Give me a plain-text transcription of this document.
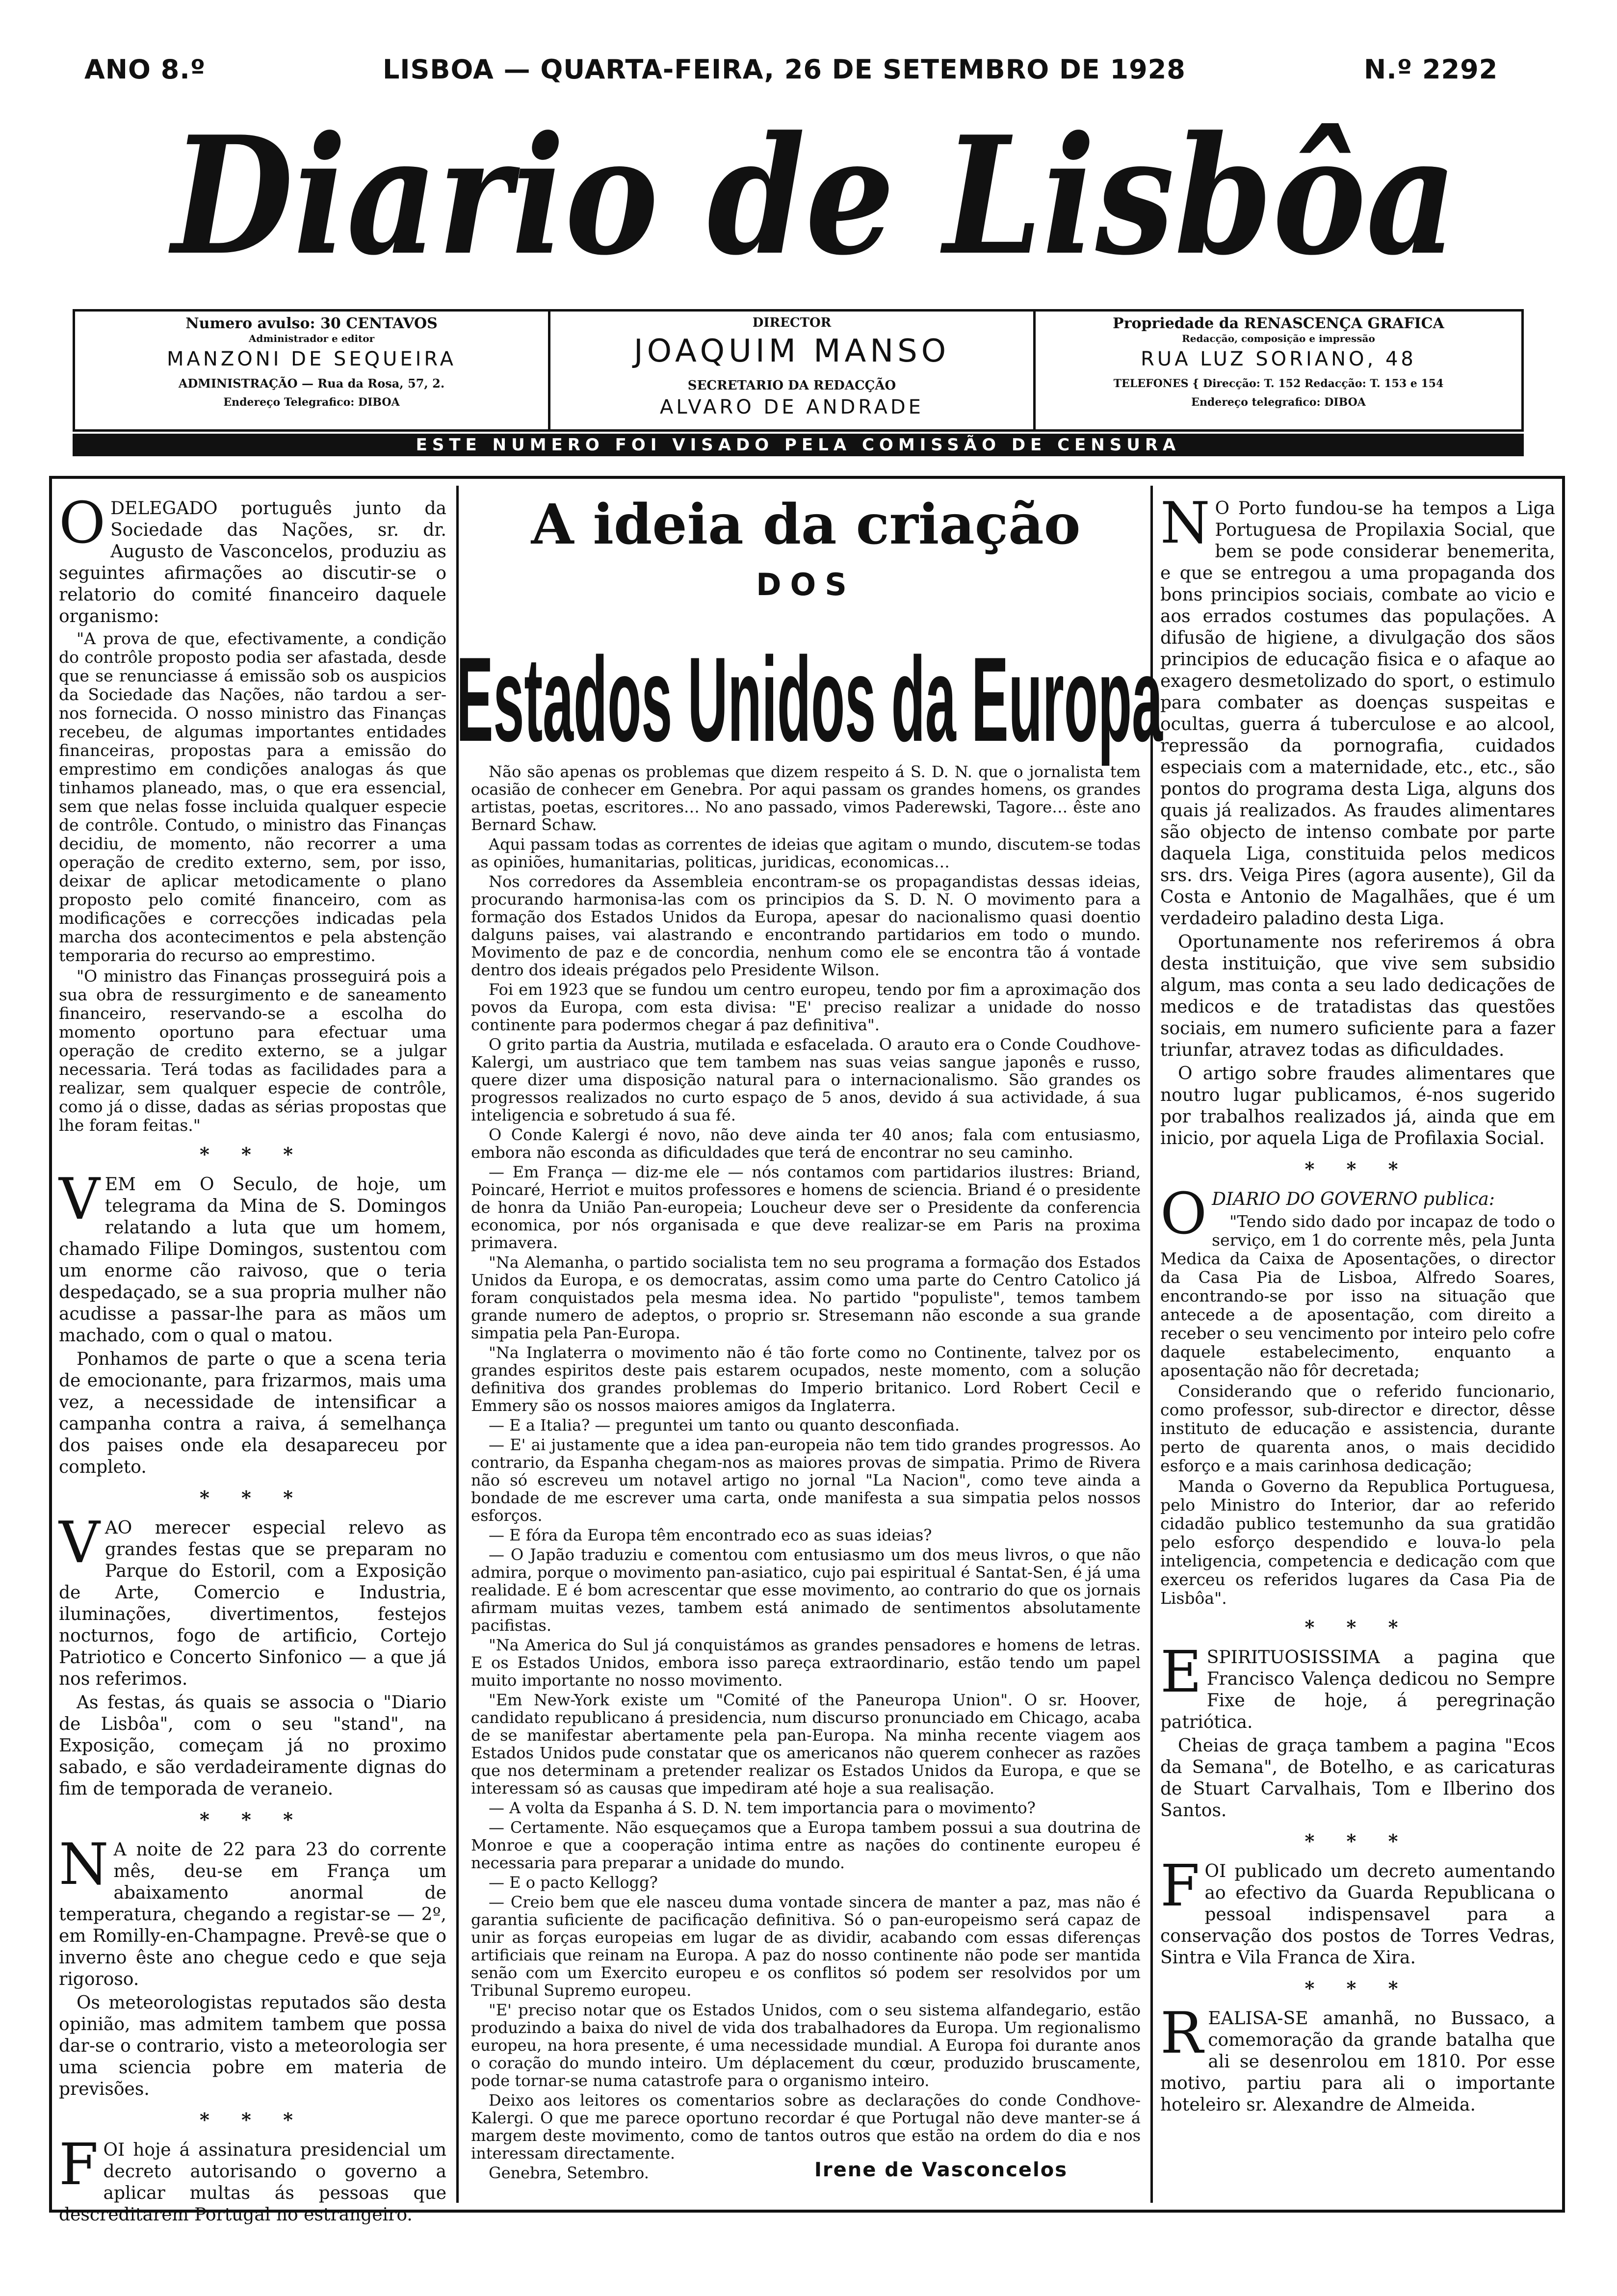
ANO 8.º	LISBOA — QUARTA-FEIRA, 26 DE SETEMBRO DE 1928	N.º 2292
Diario de Lisbôa
Numero avulso: 30 CENTAVOS
Administrador e editor
MANZONI DE SEQUEIRA
ADMINISTRAÇÃO — Rua da Rosa, 57, 2.
Endereço Telegrafico: DIBOA
DIRECTOR
JOAQUIM MANSO
SECRETARIO DA REDACÇÃO
ALVARO DE ANDRADE
Propriedade da RENASCENÇA GRAFICA
Redacção, composição e impressão
RUA LUZ SORIANO, 48
TELEFONES { Direcção: T. 152 Redacção: T. 153 e 154
Endereço telegrafico: DIBOA
ESTE NUMERO FOI VISADO PELA COMISSÃO DE CENSURA

ODELEGADO português junto da Sociedade das Nações, sr. dr. Augusto de Vasconcelos, produziu as seguintes afirmações ao discutir-se o relatorio do comité financeiro daquele organismo:

"A prova de que, efectivamente, a condição do contrôle proposto podia ser afastada, desde que se renunciasse á emissão sob os auspicios da Sociedade das Nações, não tardou a ser-nos fornecida. O nosso ministro das Finanças recebeu, de algumas importantes entidades financeiras, propostas para a emissão do emprestimo em condições analogas ás que tinhamos planeado, mas, o que era essencial, sem que nelas fosse incluida qualquer especie de contrôle. Contudo, o ministro das Finanças decidiu, de momento, não recorrer a uma operação de credito externo, sem, por isso, deixar de aplicar metodicamente o plano proposto pelo comité financeiro, com as modificações e correcções indicadas pela marcha dos acontecimentos e pela abstenção temporaria do recurso ao emprestimo.

"O ministro das Finanças prosseguirá pois a sua obra de ressurgimento e de saneamento financeiro, reservando-se a escolha do momento oportuno para efectuar uma operação de credito externo, se a julgar necessaria. Terá todas as facilidades para a realizar, sem qualquer especie de contrôle, como já o disse, dadas as sérias propostas que lhe foram feitas."

* * *

VEM em O Seculo, de hoje, um telegrama da Mina de S. Domingos relatando a luta que um homem, chamado Filipe Domingos, sustentou com um enorme cão raivoso, que o teria despedaçado, se a sua propria mulher não acudisse a passar-lhe para as mãos um machado, com o qual o matou.

Ponhamos de parte o que a scena teria de emocionante, para frizarmos, mais uma vez, a necessidade de intensificar a campanha contra a raiva, á semelhança dos paises onde ela desapareceu por completo.

* * *

VAO merecer especial relevo as grandes festas que se preparam no Parque do Estoril, com a Exposição de Arte, Comercio e Industria, iluminações, divertimentos, festejos nocturnos, fogo de artificio, Cortejo Patriotico e Concerto Sinfonico — a que já nos referimos.

As festas, ás quais se associa o "Diario de Lisbôa", com o seu "stand", na Exposição, começam já no proximo sabado, e são verdadeiramente dignas do fim de temporada de veraneio.

* * *

N A noite de 22 para 23 do corrente mês, deu-se em França um abaixamento anormal de temperatura, chegando a registar-se — 2º, em Romilly-en-Champagne. Prevê-se que o inverno êste ano chegue cedo e que seja rigoroso.

Os meteorologistas reputados são desta opinião, mas admitem tambem que possa dar-se o contrario, visto a meteorologia ser uma sciencia pobre em materia de previsões.

* * *

FOI hoje á assinatura presidencial um decreto autorisando o governo a aplicar multas ás pessoas que descreditarem Portugal no estrangeiro.

A ideia da criação
DOS
Estados Unidos da Europa

Não são apenas os problemas que dizem respeito á S. D. N. que o jornalista tem ocasião de conhecer em Genebra. Por aqui passam os grandes homens, os grandes artistas, poetas, escritores… No ano passado, vimos Paderewski, Tagore… êste ano Bernard Schaw.

Aqui passam todas as correntes de ideias que agitam o mundo, discutem-se todas as opiniões, humanitarias, politicas, juridicas, economicas…

Nos corredores da Assembleia encontram-se os propagandistas dessas ideias, procurando harmonisa-las com os principios da S. D. N. O movimento para a formação dos Estados Unidos da Europa, apesar do nacionalismo quasi doentio dalguns paises, vai alastrando e encontrando partidarios em todo o mundo. Movimento de paz e de concordia, nenhum como ele se encontra tão á vontade dentro dos ideais prégados pelo Presidente Wilson.

Foi em 1923 que se fundou um centro europeu, tendo por fim a aproximação dos povos da Europa, com esta divisa: "E' preciso realizar a unidade do nosso continente para podermos chegar á paz definitiva".

O grito partia da Austria, mutilada e esfacelada. O arauto era o Conde Coudhove-Kalergi, um austriaco que tem tambem nas suas veias sangue japonês e russo, quere dizer uma disposição natural para o internacionalismo. São grandes os progressos realizados no curto espaço de 5 anos, devido á sua actividade, á sua inteligencia e sobretudo á sua fé.

O Conde Kalergi é novo, não deve ainda ter 40 anos; fala com entusiasmo, embora não esconda as dificuldades que terá de encontrar no seu caminho.

— Em França — diz-me ele — nós contamos com partidarios ilustres: Briand, Poincaré, Herriot e muitos professores e homens de sciencia. Briand é o presidente de honra da União Pan-europeia; Loucheur deve ser o Presidente da conferencia economica, por nós organisada e que deve realizar-se em Paris na proxima primavera.

"Na Alemanha, o partido socialista tem no seu programa a formação dos Estados Unidos da Europa, e os democratas, assim como uma parte do Centro Catolico já foram conquistados pela mesma idea. No partido "populiste", temos tambem grande numero de adeptos, o proprio sr. Stresemann não esconde a sua grande simpatia pela Pan-Europa.

"Na Inglaterra o movimento não é tão forte como no Continente, talvez por os grandes espiritos deste pais estarem ocupados, neste momento, com a solução definitiva dos grandes problemas do Imperio britanico. Lord Robert Cecil e Emmery são os nossos maiores amigos da Inglaterra.

— E a Italia? — preguntei um tanto ou quanto desconfiada.

— E' ai justamente que a idea pan-europeia não tem tido grandes progressos. Ao contrario, da Espanha chegam-nos as maiores provas de simpatia. Primo de Rivera não só escreveu um notavel artigo no jornal "La Nacion", como teve ainda a bondade de me escrever uma carta, onde manifesta a sua simpatia pelos nossos esforços.

— E fóra da Europa têm encontrado eco as suas ideias?

— O Japão traduziu e comentou com entusiasmo um dos meus livros, o que não admira, porque o movimento pan-asiatico, cujo pai espiritual é Santat-Sen, é já uma realidade. E é bom acrescentar que esse movimento, ao contrario do que os jornais afirmam muitas vezes, tambem está animado de sentimentos absolutamente pacifistas.

"Na America do Sul já conquistámos as grandes pensadores e homens de letras. E os Estados Unidos, embora isso pareça extraordinario, estão tendo um papel muito importante no nosso movimento.

"Em New-York existe um "Comité of the Paneuropa Union". O sr. Hoover, candidato republicano á presidencia, num discurso pronunciado em Chicago, acaba de se manifestar abertamente pela pan-Europa. Na minha recente viagem aos Estados Unidos pude constatar que os americanos não querem conhecer as razões que nos determinam a pretender realizar os Estados Unidos da Europa, e que se interessam só as causas que impediram até hoje a sua realisação.

— A volta da Espanha á S. D. N. tem importancia para o movimento?

— Certamente. Não esqueçamos que a Europa tambem possui a sua doutrina de Monroe e que a cooperação intima entre as nações do continente europeu é necessaria para preparar a unidade do mundo.

— E o pacto Kellogg?

— Creio bem que ele nasceu duma vontade sincera de manter a paz, mas não é garantia suficiente de pacificação definitiva. Só o pan-europeismo será capaz de unir as forças europeias em lugar de as dividir, acabando com essas diferenças artificiais que reinam na Europa. A paz do nosso continente não pode ser mantida senão com um Exercito europeu e os conflitos só podem ser resolvidos por um Tribunal Supremo europeu.

"E' preciso notar que os Estados Unidos, com o seu sistema alfandegario, estão produzindo a baixa do nivel de vida dos trabalhadores da Europa. Um regionalismo europeu, na hora presente, é uma necessidade mundial. A Europa foi durante anos o coração do mundo inteiro. Um déplacement du cœur, produzido bruscamente, pode tornar-se numa catastrofe para o organismo inteiro.

Deixo aos leitores os comentarios sobre as declarações do conde Condhove-Kalergi. O que me parece oportuno recordar é que Portugal não deve manter-se á margem deste movimento, como de tantos outros que estão na ordem do dia e nos interessam directamente.

Genebra, Setembro.	Irene de Vasconcelos

N O Porto fundou-se ha tempos a Liga Portuguesa de Propilaxia Social, que bem se pode considerar benemerita, e que se entregou a uma propaganda dos bons principios sociais, combate ao vicio e aos errados costumes das populações. A difusão de higiene, a divulgação dos sãos principios de educação fisica e o afaque ao exagero desmetolizado do sport, o estimulo para combater as doenças suspeitas e ocultas, guerra á tuberculose e ao alcool, repressão da pornografia, cuidados especiais com a maternidade, etc., etc., são pontos do programa desta Liga, alguns dos quais já realizados. As fraudes alimentares são objecto de intenso combate por parte daquela Liga, constituida pelos medicos srs. drs. Veiga Pires (agora ausente), Gil da Costa e Antonio de Magalhães, que é um verdadeiro paladino desta Liga.

Oportunamente nos referiremos á obra desta instituição, que vive sem subsidio algum, mas conta a seu lado dedicações de medicos e de tratadistas das questões sociais, em numero suficiente para a fazer triunfar, atravez todas as dificuldades.

O artigo sobre fraudes alimentares que noutro lugar publicamos, é-nos sugerido por trabalhos realizados já, ainda que em inicio, por aquela Liga de Profilaxia Social.

* * *

ODIARIO DO GOVERNO publica:

"Tendo sido dado por incapaz de todo o serviço, em 1 do corrente mês, pela Junta Medica da Caixa de Aposentações, o director da Casa Pia de Lisboa, Alfredo Soares, encontrando-se por isso na situação que antecede a de aposentação, com direito a receber o seu vencimento por inteiro pelo cofre daquele estabelecimento, enquanto a aposentação não fôr decretada;

Considerando que o referido funcionario, como professor, sub-director e director, dêsse instituto de educação e assistencia, durante perto de quarenta anos, o mais decidido esforço e a mais carinhosa dedicação;

Manda o Governo da Republica Portuguesa, pelo Ministro do Interior, dar ao referido cidadão publico testemunho da sua gratidão pelo esforço despendido e louva-lo pela inteligencia, competencia e dedicação com que exerceu os referidos lugares da Casa Pia de Lisbôa".

* * *

ESPIRITUOSISSIMA a pagina que Francisco Valença dedicou no Sempre Fixe de hoje, á peregrinação patriótica.

Cheias de graça tambem a pagina "Ecos da Semana", de Botelho, e as caricaturas de Stuart Carvalhais, Tom e Ilberino dos Santos.

* * *

FOI publicado um decreto aumentando ao efectivo da Guarda Republicana o pessoal indispensavel para a conservação dos postos de Torres Vedras, Sintra e Vila Franca de Xira.

* * *

REALISA-SE amanhã, no Bussaco, a comemoração da grande batalha que ali se desenrolou em 1810. Por esse motivo, partiu para ali o importante hoteleiro sr. Alexandre de Almeida.
